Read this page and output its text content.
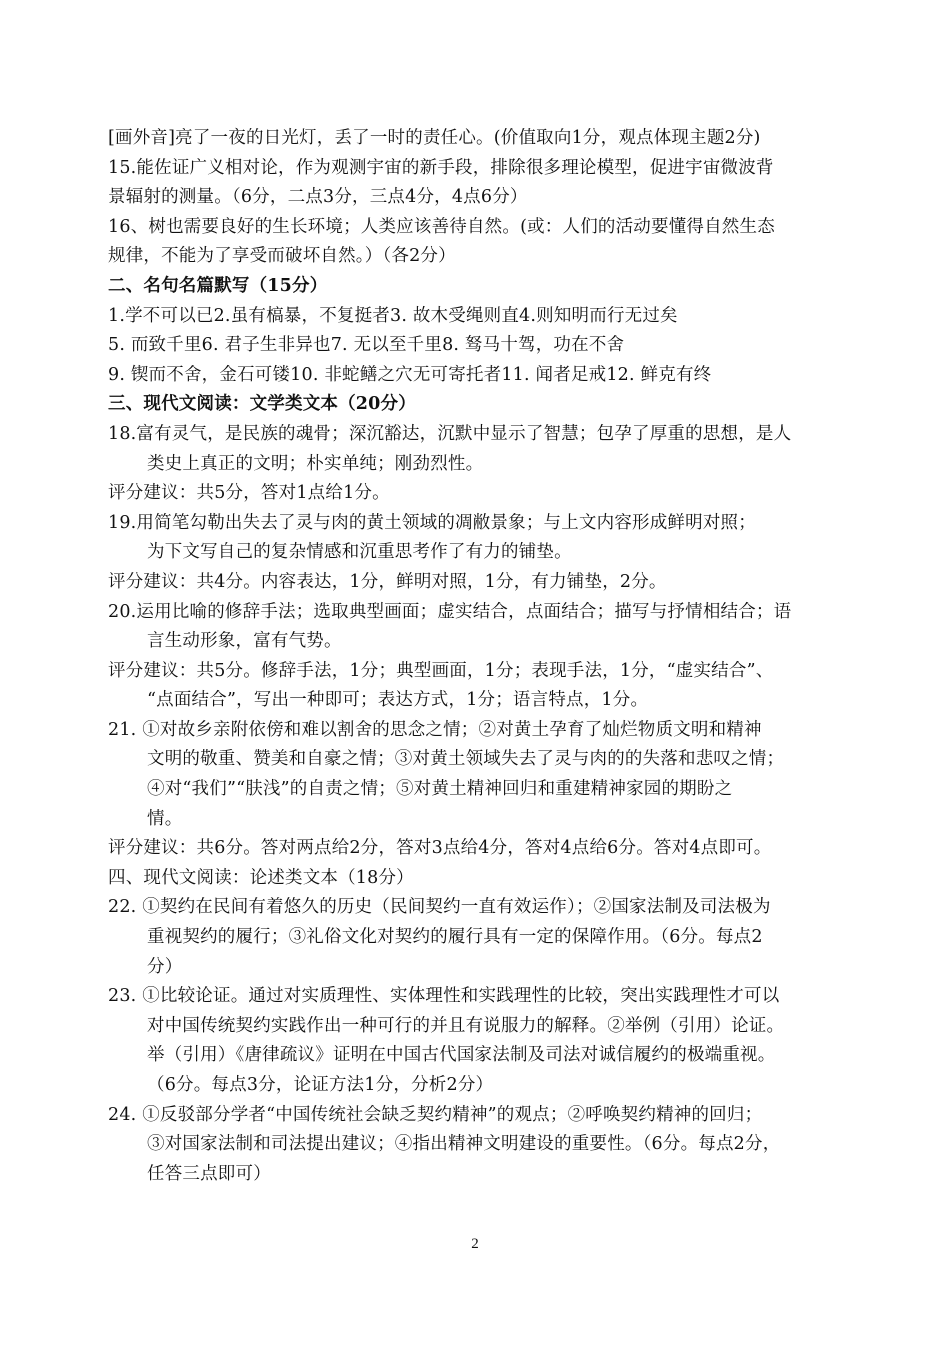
[画外音]亮了一夜的日光灯，丢了一时的责任心。(价值取向1分，观点体现主题2分)
15.能佐证广义相对论，作为观测宇宙的新手段，排除很多理论模型，促进宇宙微波背
景辐射的测量。（6分，二点3分，三点4分，4点6分）
16、树也需要良好的生长环境；人类应该善待自然。(或：人们的活动要懂得自然生态
规律，不能为了享受而破坏自然。）（各2分）
二、名句名篇默写（15分）
1.学不可以已2.虽有槁暴，不复挺者3. 故木受绳则直4.则知明而行无过矣
5. 而致千里6. 君子生非异也7. 无以至千里8. 驽马十驾，功在不舍
9. 锲而不舍，金石可镂10. 非蛇鳝之穴无可寄托者11. 闻者足戒12. 鲜克有终
三、现代文阅读：文学类文本（20分）
18.富有灵气，是民族的魂骨；深沉豁达，沉默中显示了智慧；包孕了厚重的思想，是人
类史上真正的文明；朴实单纯；刚劲烈性。
评分建议：共5分，答对1点给1分。
19.用简笔勾勒出失去了灵与肉的黄土领域的凋敝景象；与上文内容形成鲜明对照；
为下文写自己的复杂情感和沉重思考作了有力的铺垫。
评分建议：共4分。内容表达，1分，鲜明对照，1分，有力铺垫，2分。
20.运用比喻的修辞手法；选取典型画面；虚实结合，点面结合；描写与抒情相结合；语
言生动形象，富有气势。
评分建议：共5分。修辞手法，1分；典型画面，1分；表现手法，1分，“虚实结合”、
“点面结合”，写出一种即可；表达方式，1分；语言特点，1分。
21. ①对故乡亲附依傍和难以割舍的思念之情；②对黄土孕育了灿烂物质文明和精神
文明的敬重、赞美和自豪之情；③对黄土领域失去了灵与肉的的失落和悲叹之情；
④对“我们”“肤浅”的自责之情；⑤对黄土精神回归和重建精神家园的期盼之
情。
评分建议：共6分。答对两点给2分，答对3点给4分，答对4点给6分。答对4点即可。
四、现代文阅读：论述类文本（18分）
22. ①契约在民间有着悠久的历史（民间契约一直有效运作）；②国家法制及司法极为
重视契约的履行；③礼俗文化对契约的履行具有一定的保障作用。（6分。每点2
分）
23. ①比较论证。通过对实质理性、实体理性和实践理性的比较，突出实践理性才可以
对中国传统契约实践作出一种可行的并且有说服力的解释。②举例（引用）论证。
举（引用）《唐律疏议》证明在中国古代国家法制及司法对诚信履约的极端重视。
（6分。每点3分，论证方法1分，分析2分）
24. ①反驳部分学者“中国传统社会缺乏契约精神”的观点；②呼唤契约精神的回归；
③对国家法制和司法提出建议；④指出精神文明建设的重要性。（6分。每点2分，
任答三点即可）
2
